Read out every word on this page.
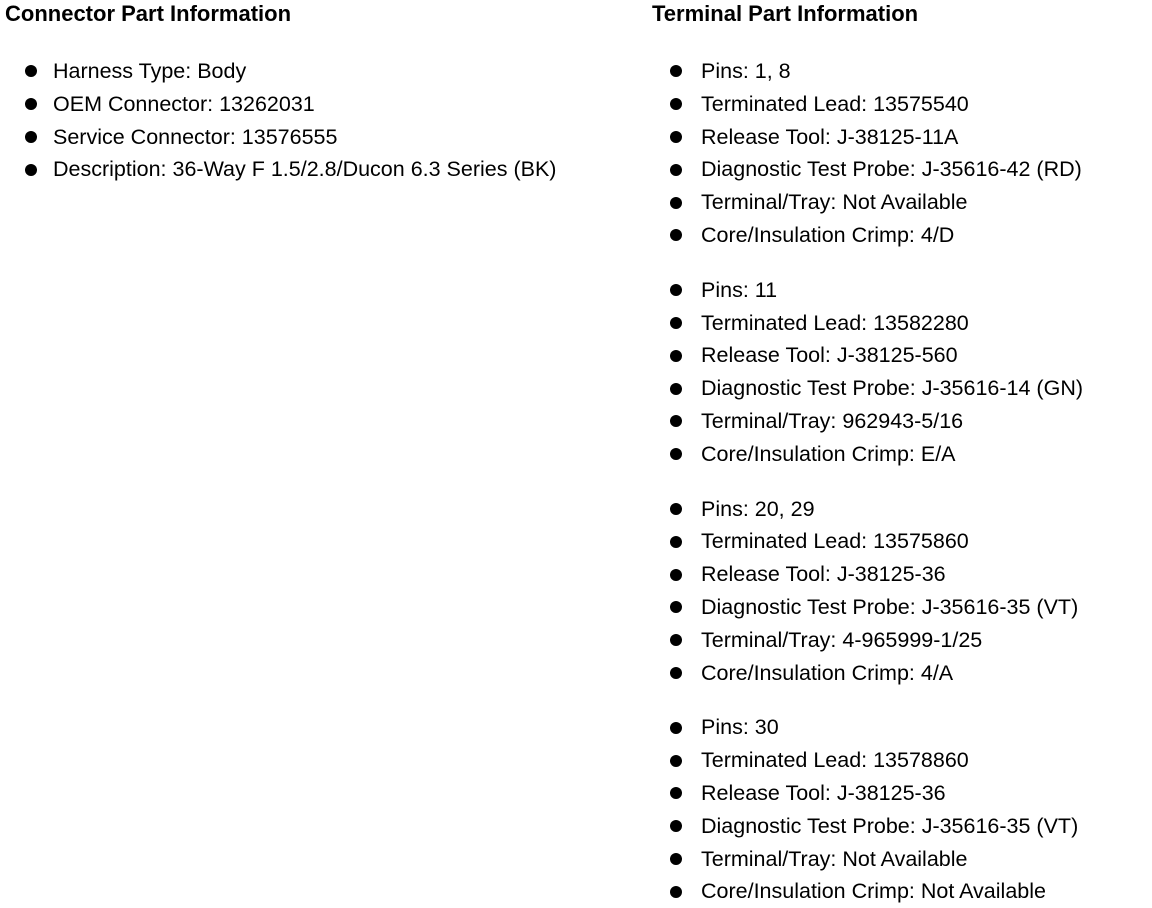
Connector Part Information
Harness Type: Body
OEM Connector: 13262031
Service Connector: 13576555
Description: 36-Way F 1.5/2.8/Ducon 6.3 Series (BK)
Terminal Part Information
Pins: 1, 8
Terminated Lead: 13575540
Release Tool: J-38125-11A
Diagnostic Test Probe: J-35616-42 (RD)
Terminal/Tray: Not Available
Core/Insulation Crimp: 4/D
Pins: 11
Terminated Lead: 13582280
Release Tool: J-38125-560
Diagnostic Test Probe: J-35616-14 (GN)
Terminal/Tray: 962943-5/16
Core/Insulation Crimp: E/A
Pins: 20, 29
Terminated Lead: 13575860
Release Tool: J-38125-36
Diagnostic Test Probe: J-35616-35 (VT)
Terminal/Tray: 4-965999-1/25
Core/Insulation Crimp: 4/A
Pins: 30
Terminated Lead: 13578860
Release Tool: J-38125-36
Diagnostic Test Probe: J-35616-35 (VT)
Terminal/Tray: Not Available
Core/Insulation Crimp: Not Available
